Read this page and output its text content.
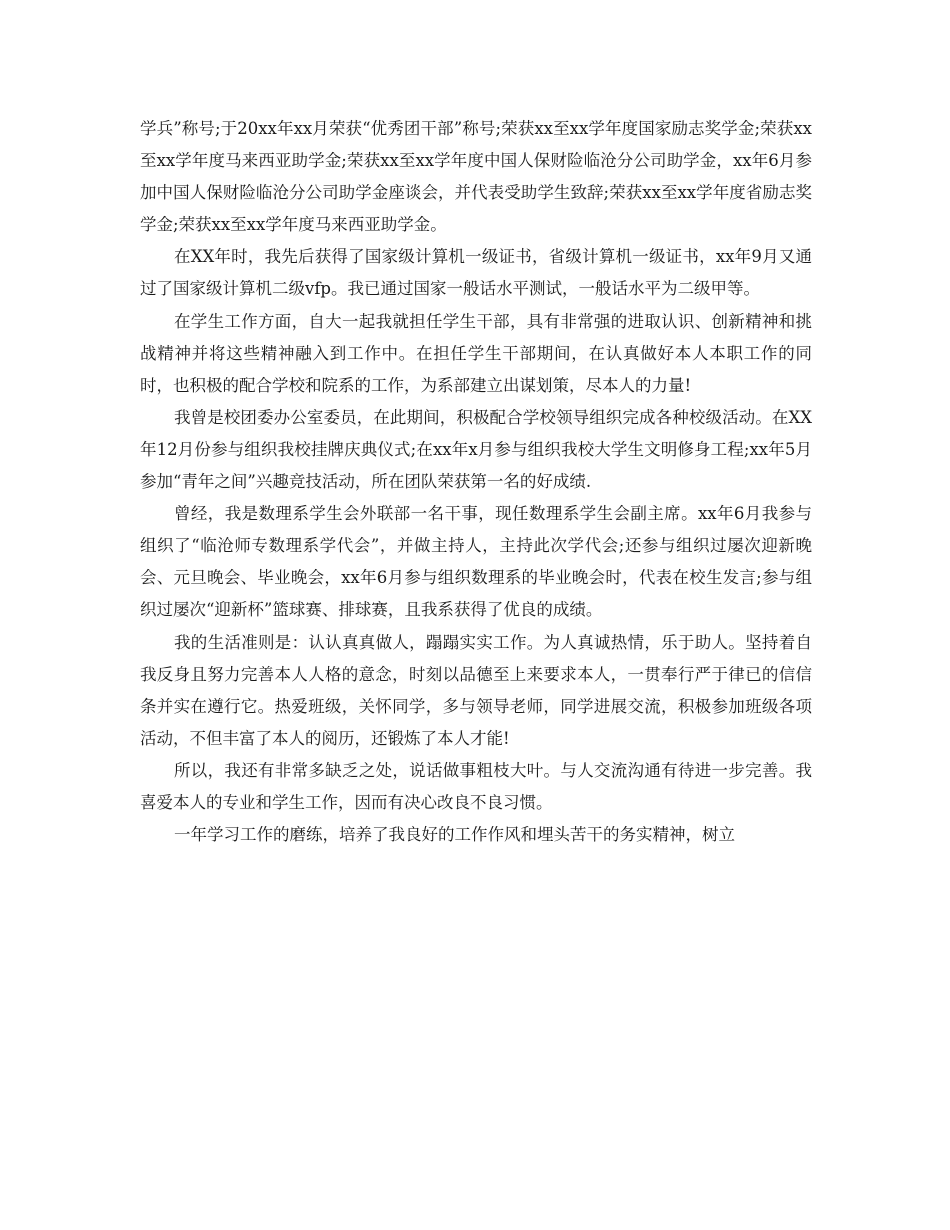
学兵”称号;于20xx年xx月荣获“优秀团干部”称号;荣获xx至xx学年度国家励志奖学金;荣获xx至xx学年度马来西亚助学金;荣获xx至xx学年度中国人保财险临沧分公司助学金，xx年6月参加中国人保财险临沧分公司助学金座谈会，并代表受助学生致辞;荣获xx至xx学年度省励志奖学金;荣获xx至xx学年度马来西亚助学金。

在XX年时，我先后获得了国家级计算机一级证书，省级计算机一级证书，xx年9月又通过了国家级计算机二级vfp。我已通过国家一般话水平测试，一般话水平为二级甲等。

在学生工作方面，自大一起我就担任学生干部，具有非常强的进取认识、创新精神和挑战精神并将这些精神融入到工作中。在担任学生干部期间，在认真做好本人本职工作的同时，也积极的配合学校和院系的工作，为系部建立出谋划策，尽本人的力量!

我曾是校团委办公室委员，在此期间，积极配合学校领导组织完成各种校级活动。在XX年12月份参与组织我校挂牌庆典仪式;在xx年x月参与组织我校大学生文明修身工程;xx年5月参加“青年之间”兴趣竞技活动，所在团队荣获第一名的好成绩.

曾经，我是数理系学生会外联部一名干事，现任数理系学生会副主席。xx年6月我参与组织了“临沧师专数理系学代会”，并做主持人，主持此次学代会;还参与组织过屡次迎新晚会、元旦晚会、毕业晚会，xx年6月参与组织数理系的毕业晚会时，代表在校生发言;参与组织过屡次“迎新杯”篮球赛、排球赛，且我系获得了优良的成绩。

我的生活准则是：认认真真做人，蹋蹋实实工作。为人真诚热情，乐于助人。坚持着自我反身且努力完善本人人格的意念，时刻以品德至上来要求本人，一贯奉行严于律已的信信条并实在遵行它。热爱班级，关怀同学，多与领导老师，同学进展交流，积极参加班级各项活动，不但丰富了本人的阅历，还锻炼了本人才能!

所以，我还有非常多缺乏之处，说话做事粗枝大叶。与人交流沟通有待进一步完善。我喜爱本人的专业和学生工作，因而有决心改良不良习惯。

一年学习工作的磨练，培养了我良好的工作作风和埋头苦干的务实精神，树立
